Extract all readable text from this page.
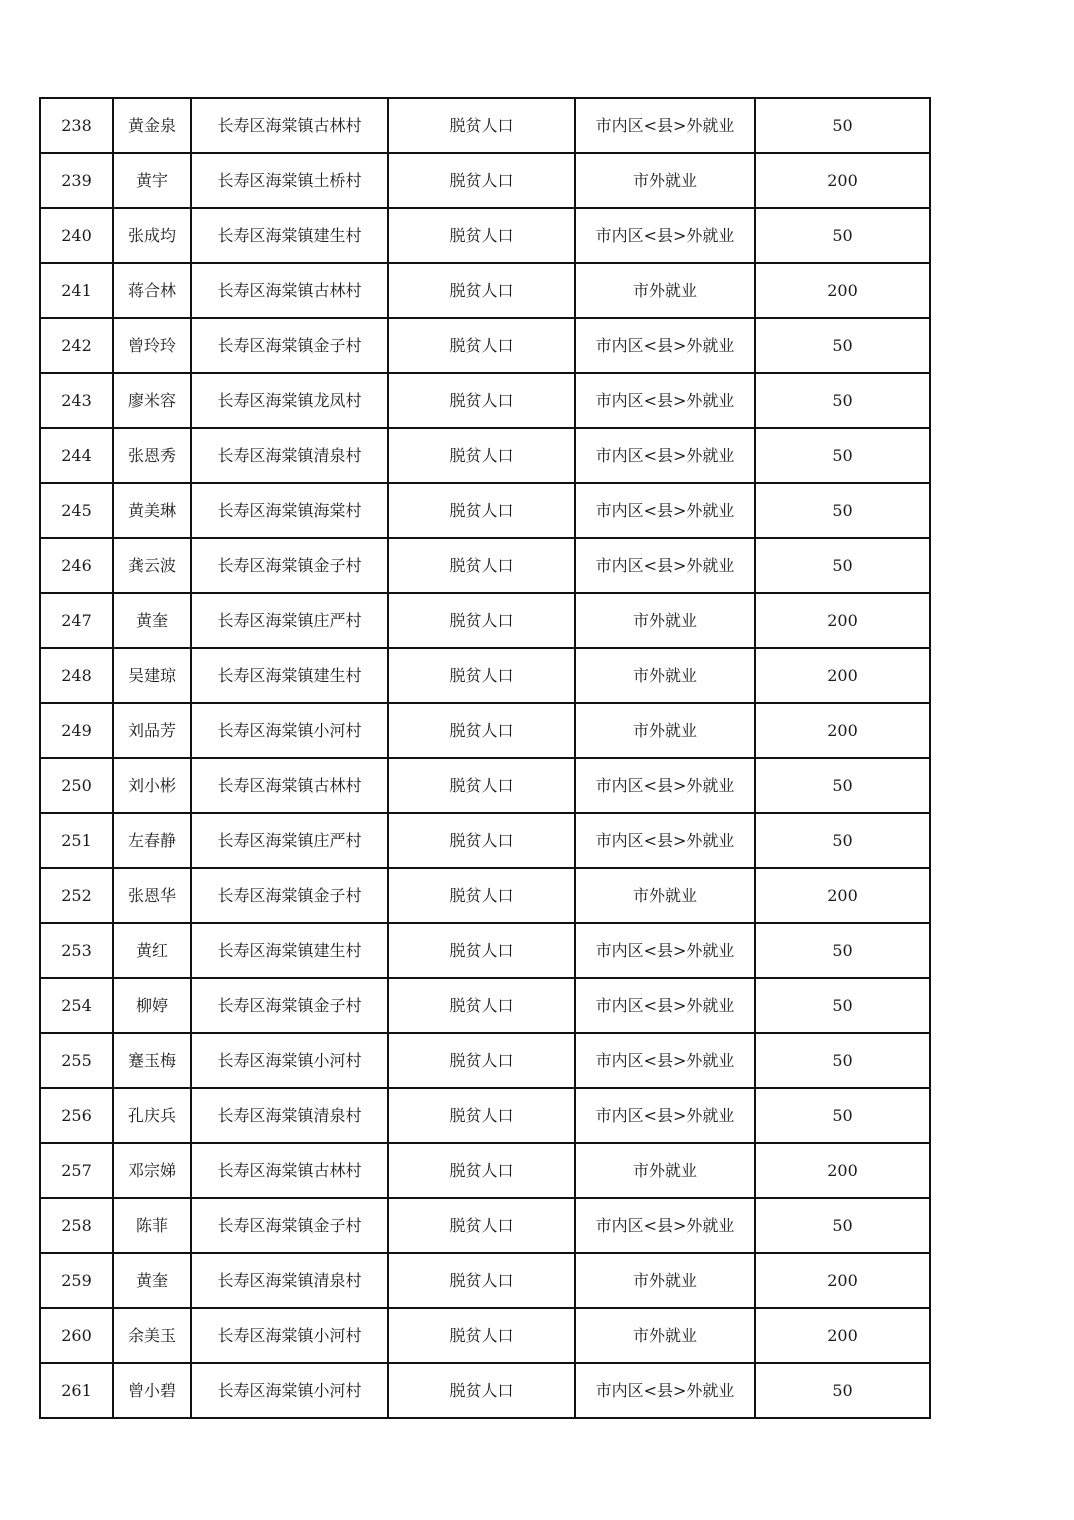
238	黄金泉	长寿区海棠镇古林村	脱贫人口	市内区<县>外就业	50
239	黄宇	长寿区海棠镇土桥村	脱贫人口	市外就业	200
240	张成均	长寿区海棠镇建生村	脱贫人口	市内区<县>外就业	50
241	蒋合林	长寿区海棠镇古林村	脱贫人口	市外就业	200
242	曾玲玲	长寿区海棠镇金子村	脱贫人口	市内区<县>外就业	50
243	廖米容	长寿区海棠镇龙凤村	脱贫人口	市内区<县>外就业	50
244	张恩秀	长寿区海棠镇清泉村	脱贫人口	市内区<县>外就业	50
245	黄美琳	长寿区海棠镇海棠村	脱贫人口	市内区<县>外就业	50
246	龚云波	长寿区海棠镇金子村	脱贫人口	市内区<县>外就业	50
247	黄奎	长寿区海棠镇庄严村	脱贫人口	市外就业	200
248	吴建琼	长寿区海棠镇建生村	脱贫人口	市外就业	200
249	刘品芳	长寿区海棠镇小河村	脱贫人口	市外就业	200
250	刘小彬	长寿区海棠镇古林村	脱贫人口	市内区<县>外就业	50
251	左春静	长寿区海棠镇庄严村	脱贫人口	市内区<县>外就业	50
252	张恩华	长寿区海棠镇金子村	脱贫人口	市外就业	200
253	黄红	长寿区海棠镇建生村	脱贫人口	市内区<县>外就业	50
254	柳婷	长寿区海棠镇金子村	脱贫人口	市内区<县>外就业	50
255	蹇玉梅	长寿区海棠镇小河村	脱贫人口	市内区<县>外就业	50
256	孔庆兵	长寿区海棠镇清泉村	脱贫人口	市内区<县>外就业	50
257	邓宗娣	长寿区海棠镇古林村	脱贫人口	市外就业	200
258	陈菲	长寿区海棠镇金子村	脱贫人口	市内区<县>外就业	50
259	黄奎	长寿区海棠镇清泉村	脱贫人口	市外就业	200
260	余美玉	长寿区海棠镇小河村	脱贫人口	市外就业	200
261	曾小碧	长寿区海棠镇小河村	脱贫人口	市内区<县>外就业	50
